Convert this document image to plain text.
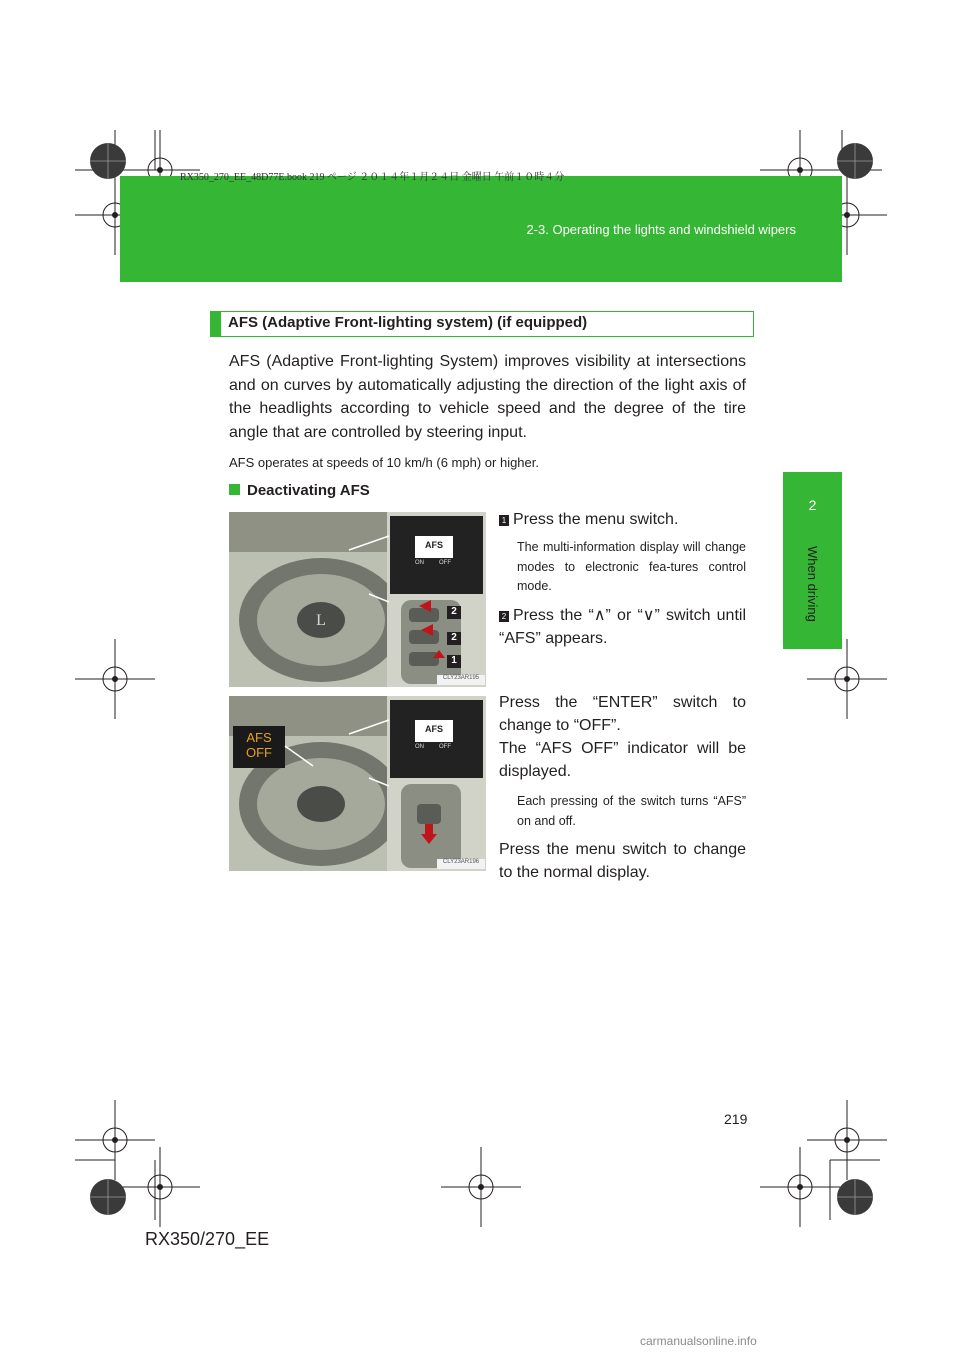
RX350_270_EE_48D77E.book 219 ページ ２０１４年１月２４日 金曜日 午前１０時４分
2-3. Operating the lights and windshield wipers
2
When driving
AFS (Adaptive Front-lighting system) (if equipped)
AFS (Adaptive Front-lighting System) improves visibility at intersections and on curves by automatically adjusting the direction of the light axis of the headlights according to vehicle speed and the degree of the tire angle that are controlled by steering input.
AFS operates at speeds of 10 km/h (6 mph) or higher.
Deactivating AFS
L
AFS
ON	OFF
2
2
1
CLY23AR195
1 Press the menu switch.
The multi-information display will change modes to electronic fea-tures control mode.
2 Press the “∧” or “∨” switch until “AFS” appears.
AFS
ON	OFF
AFS
OFF
CLY23AR196
Press the “ENTER” switch to change to “OFF”.
The “AFS OFF” indicator will be displayed.
Each pressing of the switch turns “AFS” on and off.
Press the menu switch to change to the normal display.
219
RX350/270_EE
carmanualsonline.info
